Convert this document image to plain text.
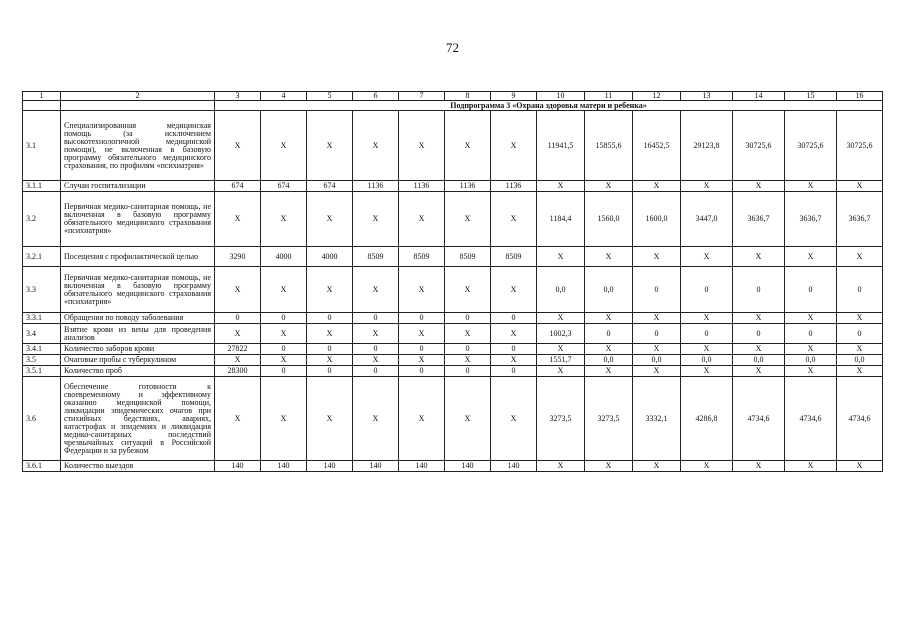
72
1	2	3	4	5	6	7	8	9	10	11	12	13	14	15	16
		Подпрограмма 3 «Охрана здоровья матери и ребенка»													
3.1	Специализированная медицинская помощь (за исключением высокотехнологичной медицинской помощи), не включенная в базовую программу обязательного медицинского страхования, по профилям «психиатрия»	X	X	X	X	X	X	X	11941,5	15855,6	16452,5	29123,8	30725,6	30725,6	30725,6
3.1.1	Случаи госпитализации	674	674	674	1136	1136	1136	1136	X	X	X	X	X	X	X
3.2	Первичная медико-санитарная помощь, не включенная в базовую программу обязательного медицинского страхования «психиатрия»	X	X	X	X	X	X	X	1184,4	1560,0	1600,0	3447,0	3636,7	3636,7	3636,7
3.2.1	Посещения с профилактической целью	3290	4000	4000	8509	8509	8509	8509	X	X	X	X	X	X	X
3.3	Первичная медико-санитарная помощь, не включенная в базовую программу обязательного медицинского страхования «психиатрия»	X	X	X	X	X	X	X	0,0	0,0	0	0	0	0	0
3.3.1	Обращения по поводу заболевания	0	0	0	0	0	0	0	X	X	X	X	X	X	X
3.4	Взятие крови из вены для проведения анализов	X	X	X	X	X	X	X	1002,3	0	0	0	0	0	0
3.4.1	Количество заборов крови	27822	0	0	0	0	0	0	X	X	X	X	X	X	X
3.5	Очаговые пробы с туберкулином	X	X	X	X	X	X	X	1551,7	0,0	0,0	0,0	0,0	0,0	0,0
3.5.1	Количество проб	28300	0	0	0	0	0	0	X	X	X	X	X	X	X
3.6	Обеспечение готовности к своевременному и эффективному оказанию медицинской помощи, ликвидации эпидемических очагов при стихийных бедствиях, авариях, катастрофах и эпидемиях и ликвидация медико-санитарных последствий чрезвычайных ситуаций в Российской Федерации и за рубежом	X	X	X	X	X	X	X	3273,5	3273,5	3332,1	4286,8	4734,6	4734,6	4734,6
3.6.1	Количество выездов	140	140	140	140	140	140	140	X	X	X	X	X	X	X
